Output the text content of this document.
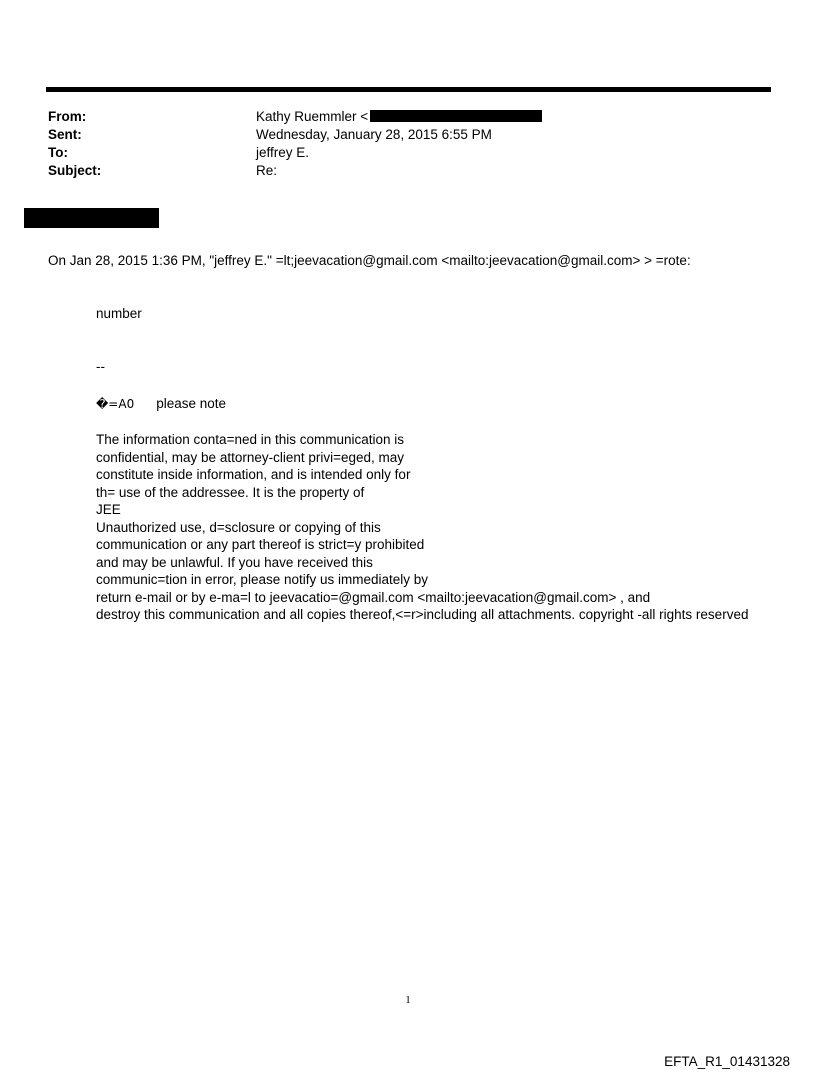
From:	Kathy Ruemmler <
Sent:	Wednesday, January 28, 2015 6:55 PM
To:	jeffrey E.
Subject:	Re:
On Jan 28, 2015 1:36 PM, "jeffrey E." =lt;jeevacation@gmail.com <mailto:jeevacation@gmail.com> > =rote:
number
--
�=A0 please note
The information conta=ned in this communication is
confidential, may be attorney-client privi=eged, may
constitute inside information, and is intended only for
th= use of the addressee. It is the property of
JEE
Unauthorized use, d=sclosure or copying of this
communication or any part thereof is strict=y prohibited
and may be unlawful. If you have received this
communic=tion in error, please notify us immediately by
return e-mail or by e-ma=l to jeevacatio=@gmail.com <mailto:jeevacation@gmail.com> , and
destroy this communication and all copies thereof,<=r>including all attachments. copyright -all rights reserved
1
EFTA_R1_01431328
